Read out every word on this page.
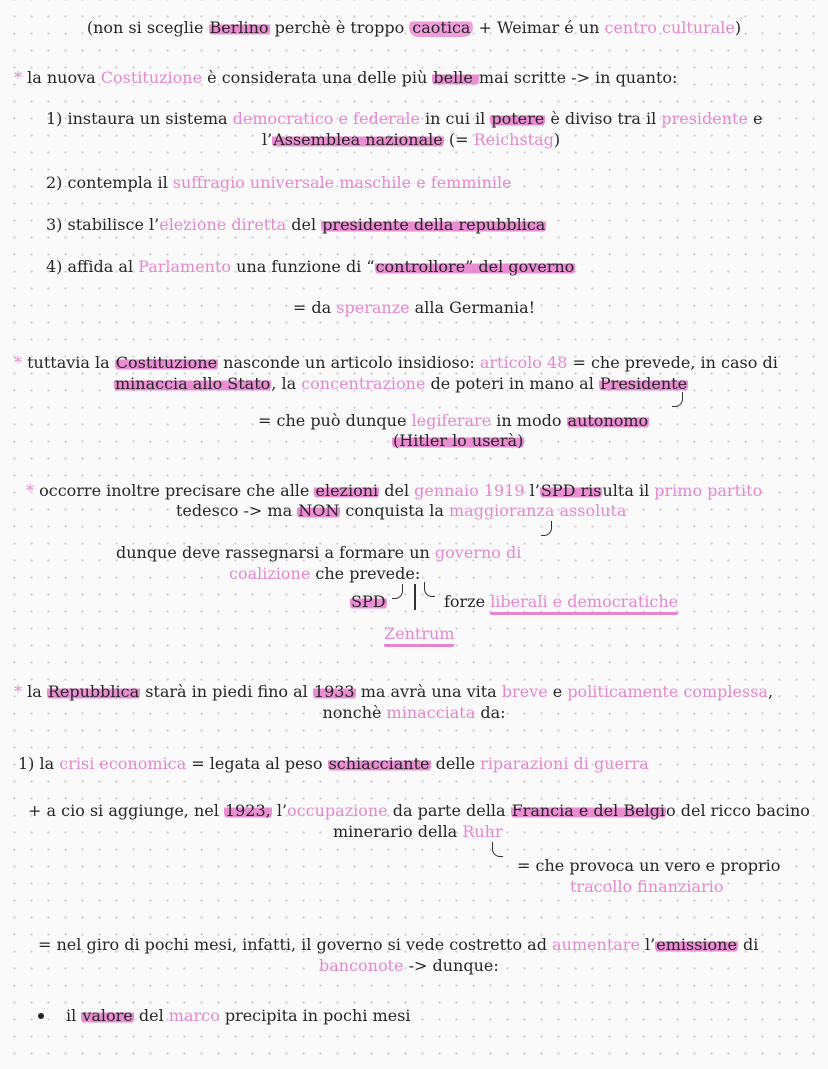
(non si sceglie Berlino perchè è troppo caotica + Weimar é un centro culturale)
* la nuova Costituzione è considerata una delle più belle mai scritte -> in quanto:
1) instaura un sistema democratico e federale in cui il potere è diviso tra il presidente e
l’Assemblea nazionale (= Reichstag)
2) contempla il suffragio universale maschile e femminile
3) stabilisce l’elezione diretta del presidente della repubblica
4) affida al Parlamento una funzione di “controllore” del governo
= da speranze alla Germania!
* tuttavia la Costituzione nasconde un articolo insidioso: articolo 48 = che prevede, in caso di
minaccia allo Stato, la concentrazione de poteri in mano al Presidente
= che può dunque legiferare in modo autonomo
(Hitler lo userà)
* occorre inoltre precisare che alle elezioni del gennaio 1919 l’SPD risulta il primo partito
tedesco -> ma NON conquista la maggioranza assoluta
dunque deve rassegnarsi a formare un governo di
coalizione che prevede:
SPD	forze liberali e democratiche
Zentrum
* la Repubblica starà in piedi fino al 1933 ma avrà una vita breve e politicamente complessa,
nonchè minacciata da:
1) la crisi economica = legata al peso schiacciante delle riparazioni di guerra
+ a cio si aggiunge, nel 1923, l’occupazione da parte della Francia e del Belgio del ricco bacino
minerario della Ruhr
= che provoca un vero e proprio
tracollo finanziario
= nel giro di pochi mesi, infatti, il governo si vede costretto ad aumentare l’emissione di
banconote -> dunque:
il valore del marco precipita in pochi mesi
